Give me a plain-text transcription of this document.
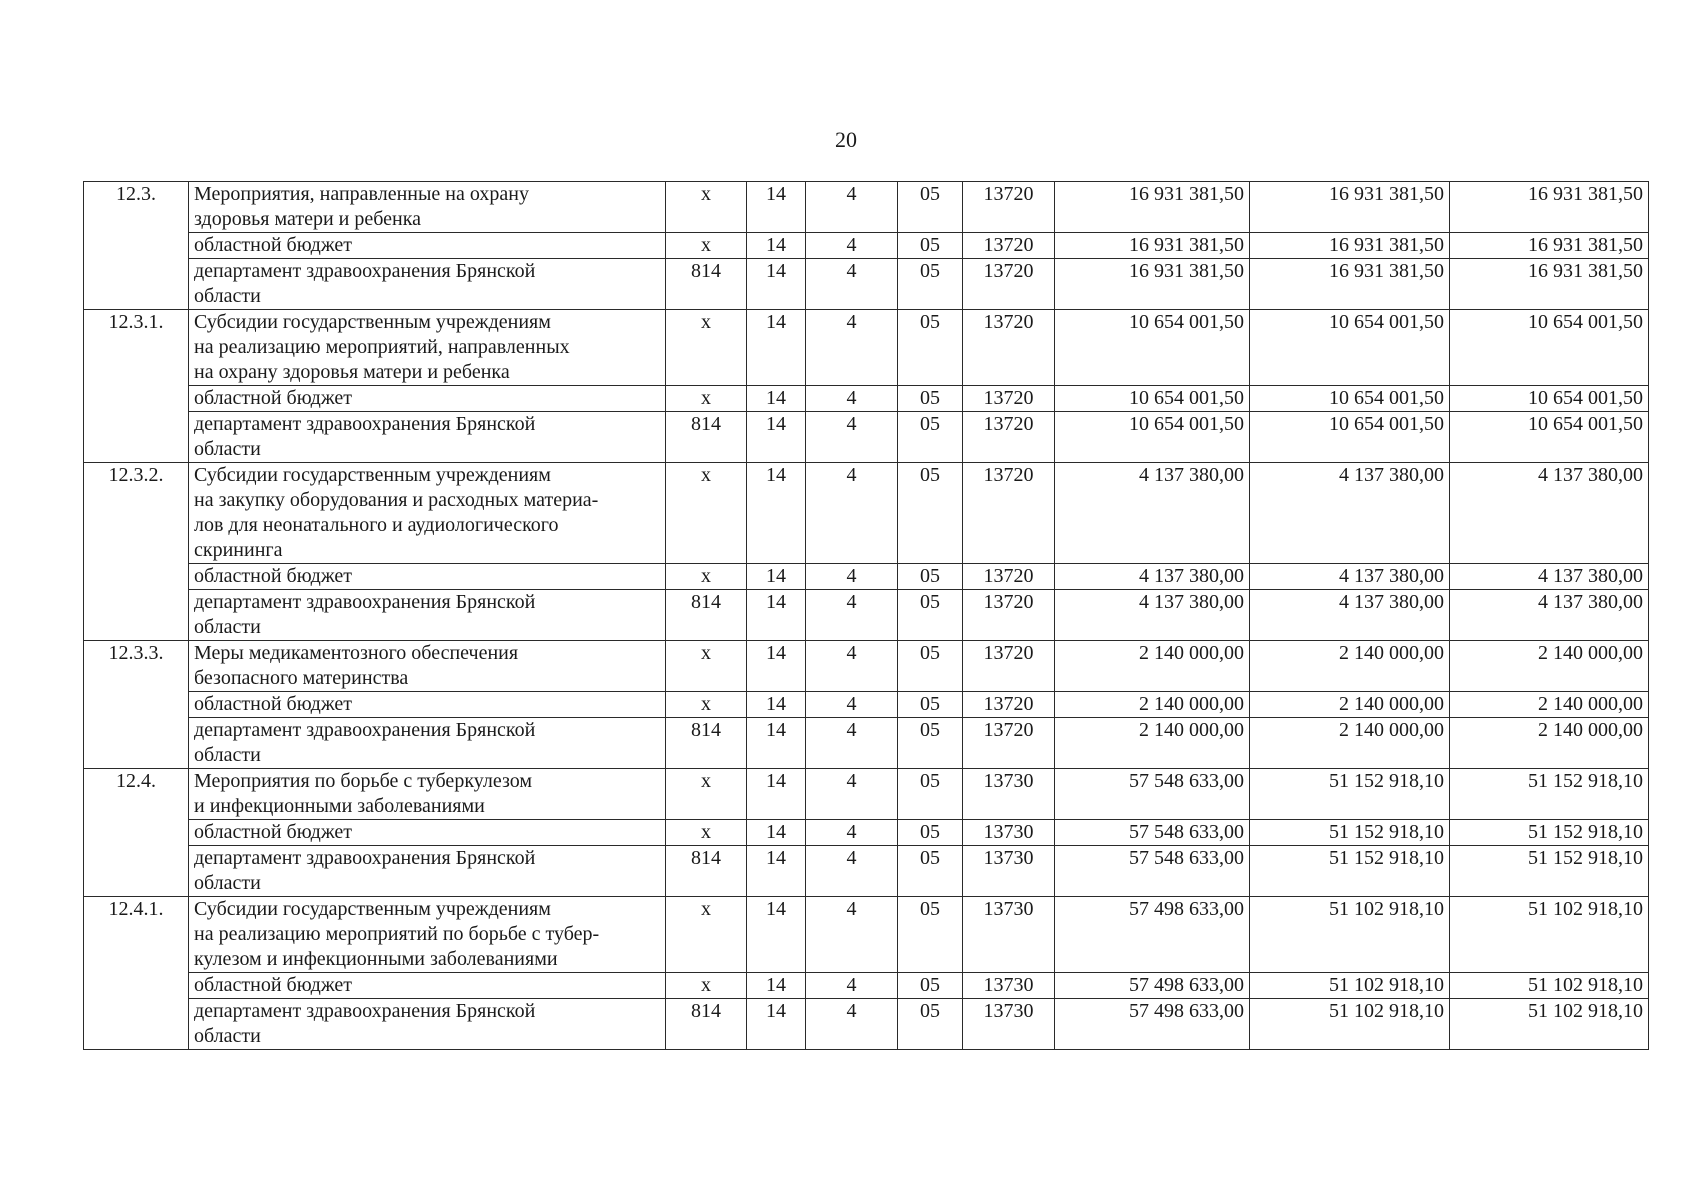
20
12.3.	Мероприятия, направленные на охрану
здоровья матери и ребенка	х	14	4	05	13720	16 931 381,50	16 931 381,50	16 931 381,50

	областной бюджет	х	14	4	05	13720	16 931 381,50	16 931 381,50	16 931 381,50

	департамент здравоохранения Брянской
области	814	14	4	05	13720	16 931 381,50	16 931 381,50	16 931 381,50
12.3.1.	Субсидии государственным учреждениям
на реализацию мероприятий, направленных
на охрану здоровья матери и ребенка	х	14	4	05	13720	10 654 001,50	10 654 001,50	10 654 001,50

	областной бюджет	х	14	4	05	13720	10 654 001,50	10 654 001,50	10 654 001,50

	департамент здравоохранения Брянской
области	814	14	4	05	13720	10 654 001,50	10 654 001,50	10 654 001,50
12.3.2.	Субсидии государственным учреждениям
на закупку оборудования и расходных материа-
лов для неонатального и аудиологического
скрининга	х	14	4	05	13720	4 137 380,00	4 137 380,00	4 137 380,00

	областной бюджет	х	14	4	05	13720	4 137 380,00	4 137 380,00	4 137 380,00

	департамент здравоохранения Брянской
области	814	14	4	05	13720	4 137 380,00	4 137 380,00	4 137 380,00
12.3.3.	Меры медикаментозного обеспечения
безопасного материнства	х	14	4	05	13720	2 140 000,00	2 140 000,00	2 140 000,00

	областной бюджет	х	14	4	05	13720	2 140 000,00	2 140 000,00	2 140 000,00

	департамент здравоохранения Брянской
области	814	14	4	05	13720	2 140 000,00	2 140 000,00	2 140 000,00
12.4.	Мероприятия по борьбе с туберкулезом
и инфекционными заболеваниями	х	14	4	05	13730	57 548 633,00	51 152 918,10	51 152 918,10

	областной бюджет	х	14	4	05	13730	57 548 633,00	51 152 918,10	51 152 918,10

	департамент здравоохранения Брянской
области	814	14	4	05	13730	57 548 633,00	51 152 918,10	51 152 918,10
12.4.1.	Субсидии государственным учреждениям
на реализацию мероприятий по борьбе с тубер-
кулезом и инфекционными заболеваниями	х	14	4	05	13730	57 498 633,00	51 102 918,10	51 102 918,10

	областной бюджет	х	14	4	05	13730	57 498 633,00	51 102 918,10	51 102 918,10

	департамент здравоохранения Брянской
области	814	14	4	05	13730	57 498 633,00	51 102 918,10	51 102 918,10
